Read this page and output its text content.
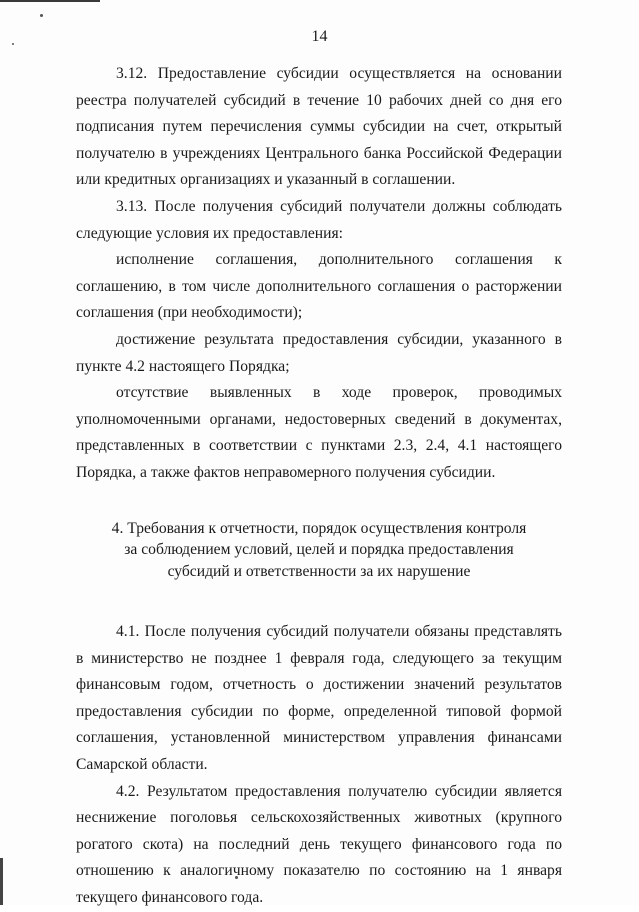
14

3.12. Предоставление субсидии осуществляется на основании реестра получателей субсидий в течение 10 рабочих дней со дня его подписания путем перечисления суммы субсидии на счет, открытый получателю в учреждениях Центрального банка Российской Федерации или кредитных организациях и указанный в соглашении.

3.13. После получения субсидий получатели должны соблюдать следующие условия их предоставления:

исполнение соглашения, дополнительного соглашения к соглашению, в том числе дополнительного соглашения о расторжении соглашения (при необходимости);

достижение результата предоставления субсидии, указанного в пункте 4.2 настоящего Порядка;

отсутствие выявленных в ходе проверок, проводимых уполномоченными органами, недостоверных сведений в документах, представленных в соответствии с пунктами 2.3, 2.4, 4.1 настоящего Порядка, а также фактов неправомерного получения субсидии.

4. Требования к отчетности, порядок осуществления контроля
за соблюдением условий, целей и порядка предоставления
субсидий и ответственности за их нарушение

4.1. После получения субсидий получатели обязаны представлять в министерство не позднее 1 февраля года, следующего за текущим финансовым годом, отчетность о достижении значений результатов предоставления субсидии по форме, определенной типовой формой соглашения, установленной министерством управления финансами Самарской области.

4.2. Результатом предоставления получателю субсидии является неснижение поголовья сельскохозяйственных животных (крупного рогатого скота) на последний день текущего финансового года по отношению к аналогичному показателю по состоянию на 1 января текущего финансового года.
